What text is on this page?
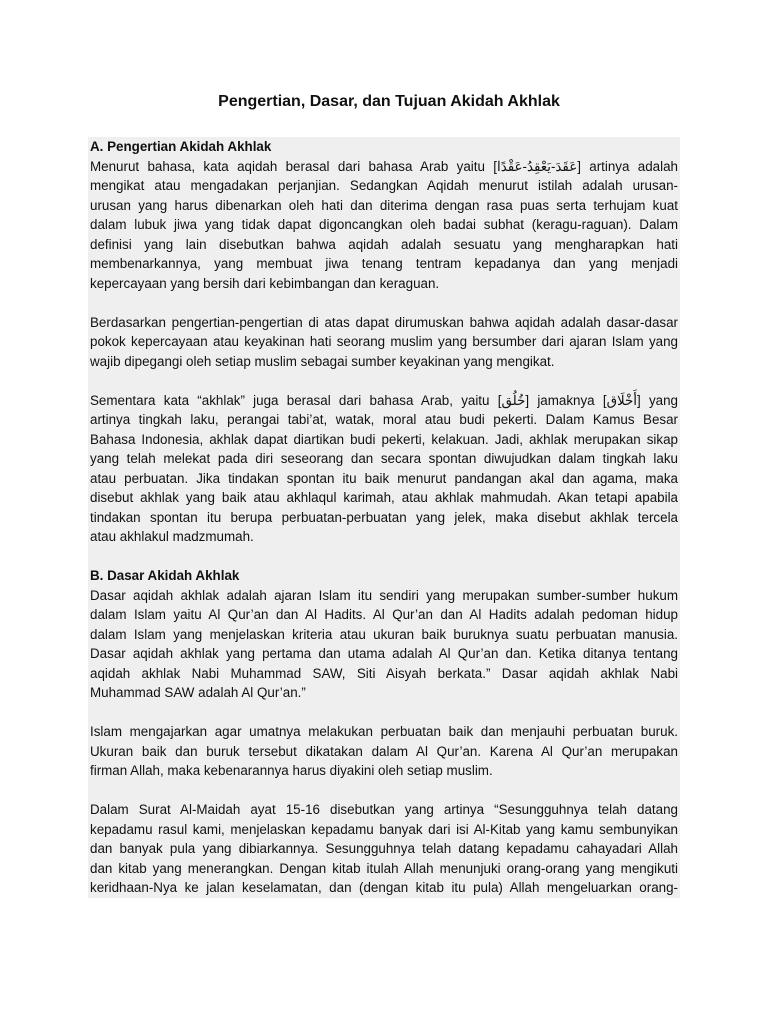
Pengertian, Dasar, dan Tujuan Akidah Akhlak
A. Pengertian Akidah Akhlak
Menurut bahasa, kata aqidah berasal dari bahasa Arab yaitu [عَقَدَ-يَعْقِدُ-عَقْدًا] artinya adalah
mengikat atau mengadakan perjanjian. Sedangkan Aqidah menurut istilah adalah urusan-
urusan yang harus dibenarkan oleh hati dan diterima dengan rasa puas serta terhujam kuat
dalam lubuk jiwa yang tidak dapat digoncangkan oleh badai subhat (keragu-raguan). Dalam
definisi yang lain disebutkan bahwa aqidah adalah sesuatu yang mengharapkan hati
membenarkannya, yang membuat jiwa tenang tentram kepadanya dan yang menjadi
kepercayaan yang bersih dari kebimbangan dan keraguan.
Berdasarkan pengertian-pengertian di atas dapat dirumuskan bahwa aqidah adalah dasar-dasar
pokok kepercayaan atau keyakinan hati seorang muslim yang bersumber dari ajaran Islam yang
wajib dipegangi oleh setiap muslim sebagai sumber keyakinan yang mengikat.
Sementara kata “akhlak” juga berasal dari bahasa Arab, yaitu [خُلُق] jamaknya [أَخْلَاق] yang
artinya tingkah laku, perangai tabi’at, watak, moral atau budi pekerti. Dalam Kamus Besar
Bahasa Indonesia, akhlak dapat diartikan budi pekerti, kelakuan. Jadi, akhlak merupakan sikap
yang telah melekat pada diri seseorang dan secara spontan diwujudkan dalam tingkah laku
atau perbuatan. Jika tindakan spontan itu baik menurut pandangan akal dan agama, maka
disebut akhlak yang baik atau akhlaqul karimah, atau akhlak mahmudah. Akan tetapi apabila
tindakan spontan itu berupa perbuatan-perbuatan yang jelek, maka disebut akhlak tercela
atau akhlakul madzmumah.
B. Dasar Akidah Akhlak
Dasar aqidah akhlak adalah ajaran Islam itu sendiri yang merupakan sumber-sumber hukum
dalam Islam yaitu Al Qur’an dan Al Hadits. Al Qur’an dan Al Hadits adalah pedoman hidup
dalam Islam yang menjelaskan kriteria atau ukuran baik buruknya suatu perbuatan manusia.
Dasar aqidah akhlak yang pertama dan utama adalah Al Qur’an dan. Ketika ditanya tentang
aqidah akhlak Nabi Muhammad SAW, Siti Aisyah berkata.” Dasar aqidah akhlak Nabi
Muhammad SAW adalah Al Qur’an.”
Islam mengajarkan agar umatnya melakukan perbuatan baik dan menjauhi perbuatan buruk.
Ukuran baik dan buruk tersebut dikatakan dalam Al Qur’an. Karena Al Qur’an merupakan
firman Allah, maka kebenarannya harus diyakini oleh setiap muslim.
Dalam Surat Al-Maidah ayat 15-16 disebutkan yang artinya “Sesungguhnya telah datang
kepadamu rasul kami, menjelaskan kepadamu banyak dari isi Al-Kitab yang kamu sembunyikan
dan banyak pula yang dibiarkannya. Sesungguhnya telah datang kepadamu cahayadari Allah
dan kitab yang menerangkan. Dengan kitab itulah Allah menunjuki orang-orang yang mengikuti
keridhaan-Nya ke jalan keselamatan, dan (dengan kitab itu pula) Allah mengeluarkan orang-
